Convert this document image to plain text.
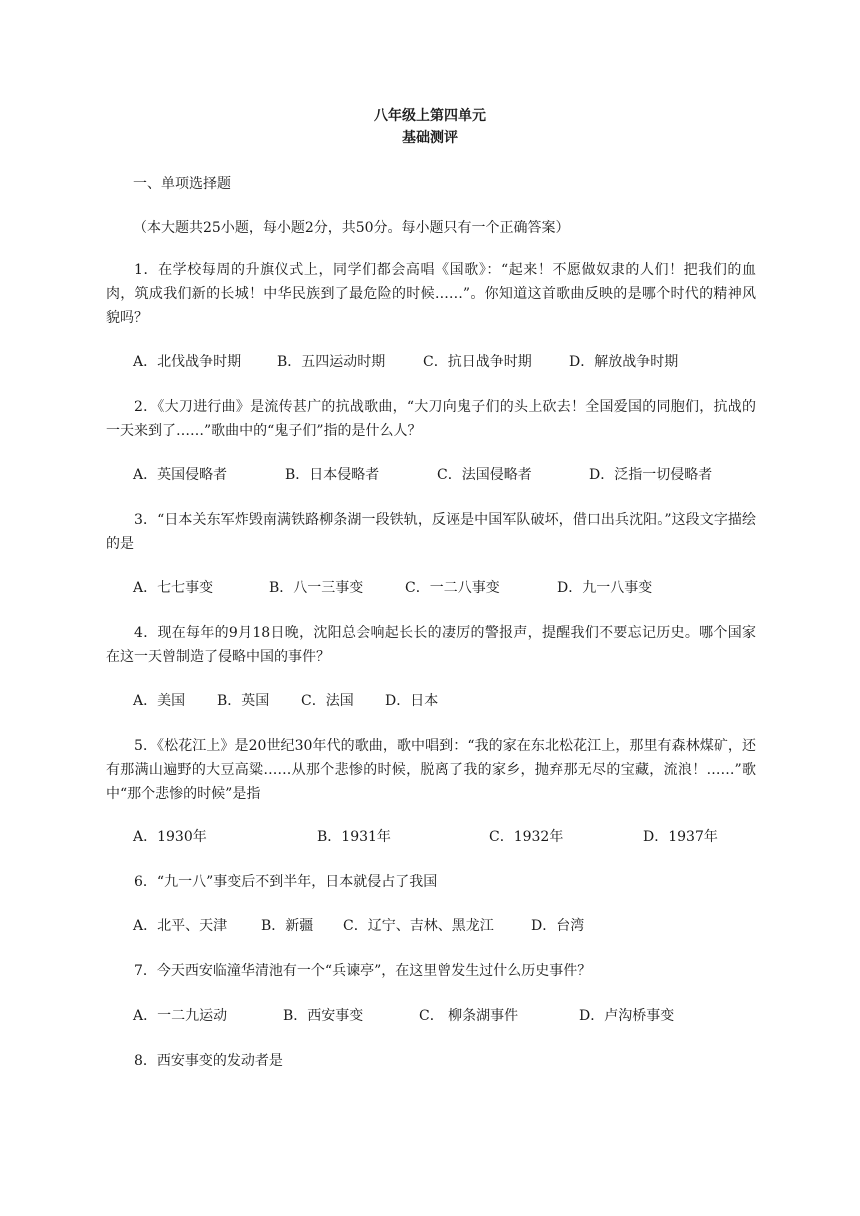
八年级上第四单元
基础测评
一、单项选择题
（本大题共25小题，每小题2分，共50分。每小题只有一个正确答案）
1．在学校每周的升旗仪式上，同学们都会高唱《国歌》：“起来！不愿做奴隶的人们！把我们的血肉，筑成我们新的长城！中华民族到了最危险的时候……”。你知道这首歌曲反映的是哪个时代的精神风貌吗？
A．北伐战争时期	B．五四运动时期	C．抗日战争时期	D．解放战争时期
2．《大刀进行曲》是流传甚广的抗战歌曲，“大刀向鬼子们的头上砍去！全国爱国的同胞们，抗战的一天来到了……”歌曲中的“鬼子们”指的是什么人？
A．英国侵略者	B．日本侵略者	C．法国侵略者	D．泛指一切侵略者
3．“日本关东军炸毁南满铁路柳条湖一段铁轨，反诬是中国军队破坏，借口出兵沈阳。”这段文字描绘的是
A．七七事变	B．八一三事变	C．一二八事变	D．九一八事变
4．现在每年的9月18日晚，沈阳总会响起长长的凄厉的警报声，提醒我们不要忘记历史。哪个国家在这一天曾制造了侵略中国的事件？
A．美国 B．英国 C．法国 D．日本
5．《松花江上》是20世纪30年代的歌曲，歌中唱到：“我的家在东北松花江上，那里有森林煤矿，还有那满山遍野的大豆高粱……从那个悲惨的时候，脱离了我的家乡，抛弃那无尽的宝藏，流浪！……”歌中“那个悲惨的时候”是指
A．1930年	B．1931年	C．1932年	D．1937年
6．“九一八”事变后不到半年，日本就侵占了我国
A．北平、天津 B．新疆 C．辽宁、吉林、黑龙江	D．台湾
7．今天西安临潼华清池有一个“兵谏亭”，在这里曾发生过什么历史事件？
A．一二九运动	B．西安事变	C． 柳条湖事件	D．卢沟桥事变
8．西安事变的发动者是
